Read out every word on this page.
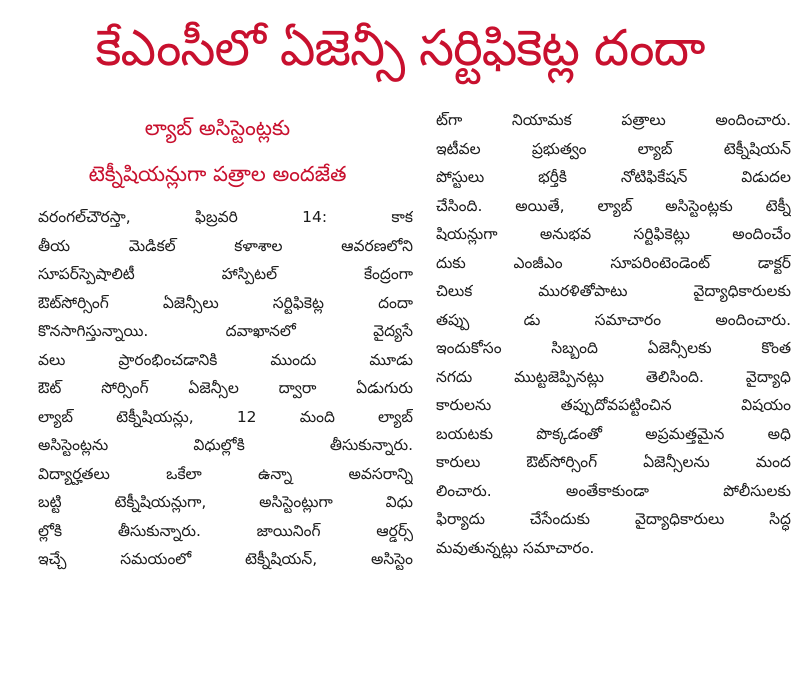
కేఎంసీలో ఏజెన్సీ సర్టిఫికెట్ల దందా
ల్యాబ్ అసిస్టెంట్లకు
టెక్నీషియన్లుగా పత్రాల అందజేత

వరంగల్‌చౌరస్తా, ఫిబ్రవరి 14: కాక

తీయ మెడికల్ కళాశాల ఆవరణలోని

సూపర్‌స్పెషాలిటీ హాస్పిటల్ కేంద్రంగా

ఔట్‌సోర్సింగ్ ఏజెన్సీలు సర్టిఫికెట్ల దందా

కొనసాగిస్తున్నాయి. దవాఖానలో వైద్యసే

వలు ప్రారంభించడానికి ముందు మూడు

ఔట్ సోర్సింగ్ ఏజెన్సీల ద్వారా ఏడుగురు

ల్యాబ్ టెక్నీషియన్లు, 12 మంది ల్యాబ్

అసిస్టెంట్లను విధుల్లోకి తీసుకున్నారు.

విద్యార్హతలు ఒకేలా ఉన్నా అవసరాన్ని

బట్టి టెక్నీషియన్లుగా, అసిస్టెంట్లుగా విధు

ల్లోకి తీసుకున్నారు. జాయినింగ్ ఆర్డర్స్

ఇచ్చే సమయంలో టెక్నీషియన్, అసిస్టెం

ట్‌గా నియామక పత్రాలు అందించారు.

ఇటీవల ప్రభుత్వం ల్యాబ్ టెక్నీషియన్

పోస్టులు భర్తీకి నోటిఫికేషన్ విడుదల

చేసింది. అయితే, ల్యాబ్ అసిస్టెంట్లకు టెక్నీ

షియన్లుగా అనుభవ సర్టిఫికెట్లు అందించేం

దుకు ఎంజీఎం సూపరింటెండెంట్ డాక్టర్

చిలుక మురళితోపాటు వైద్యాధికారులకు

తప్పు డు సమాచారం అందించారు.

ఇందుకోసం సిబ్బంది ఏజెన్సీలకు కొంత

నగదు ముట్టజెప్పినట్లు తెలిసింది. వైద్యాధి

కారులను తప్పుదోవపట్టించిన విషయం

బయటకు పొక్కడంతో అప్రమత్తమైన అధి

కారులు ఔట్‌సోర్సింగ్ ఏజెన్సీలను మంద

లించారు. అంతేకాకుండా పోలీసులకు

ఫిర్యాదు చేసేందుకు వైద్యాధికారులు సిద్ధ

మవుతున్నట్లు సమాచారం.
